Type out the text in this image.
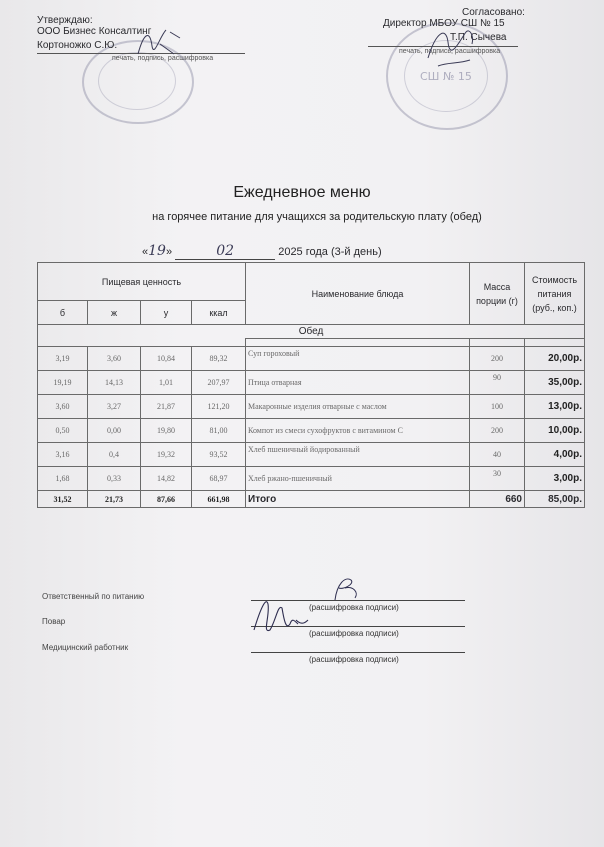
СШ № 15
Утверждаю:
ООО Бизнес Консалтинг
Кортоножко С.Ю.
печать, подпись, расшифровка
Согласовано:
Директор МБОУ СШ № 15
Т.П. Сычева
печать, подпись, расшифровка
Ежедневное меню
на горячее питание для учащихся за родительскую плату (обед)
«19»	02	2025 года (3-й день)
Пищевая ценность				Наименование блюда	Масса порции (г)	Стоимость питания (руб., коп.)
б	ж	у	ккал			
Обед						

3,19	3,60	10,84	89,32	Суп гороховый	200	20,00р.
19,19	14,13	1,01	207,97	Птица отварная	90	35,00р.
3,60	3,27	21,87	121,20	Макаронные изделия отварные с маслом	100	13,00р.
0,50	0,00	19,80	81,00	Компот из смеси сухофруктов с витамином С	200	10,00р.
3,16	0,4	19,32	93,52	Хлеб пшеничный йодированный	40	4,00р.
1,68	0,33	14,82	68,97	Хлеб ржано-пшеничный	30	3,00р.
31,52	21,73	87,66	661,98	Итого	660	85,00р.
Ответственный по питанию
(расшифровка подписи)
Повар
(расшифровка подписи)
Медицинский работник
(расшифровка подписи)
